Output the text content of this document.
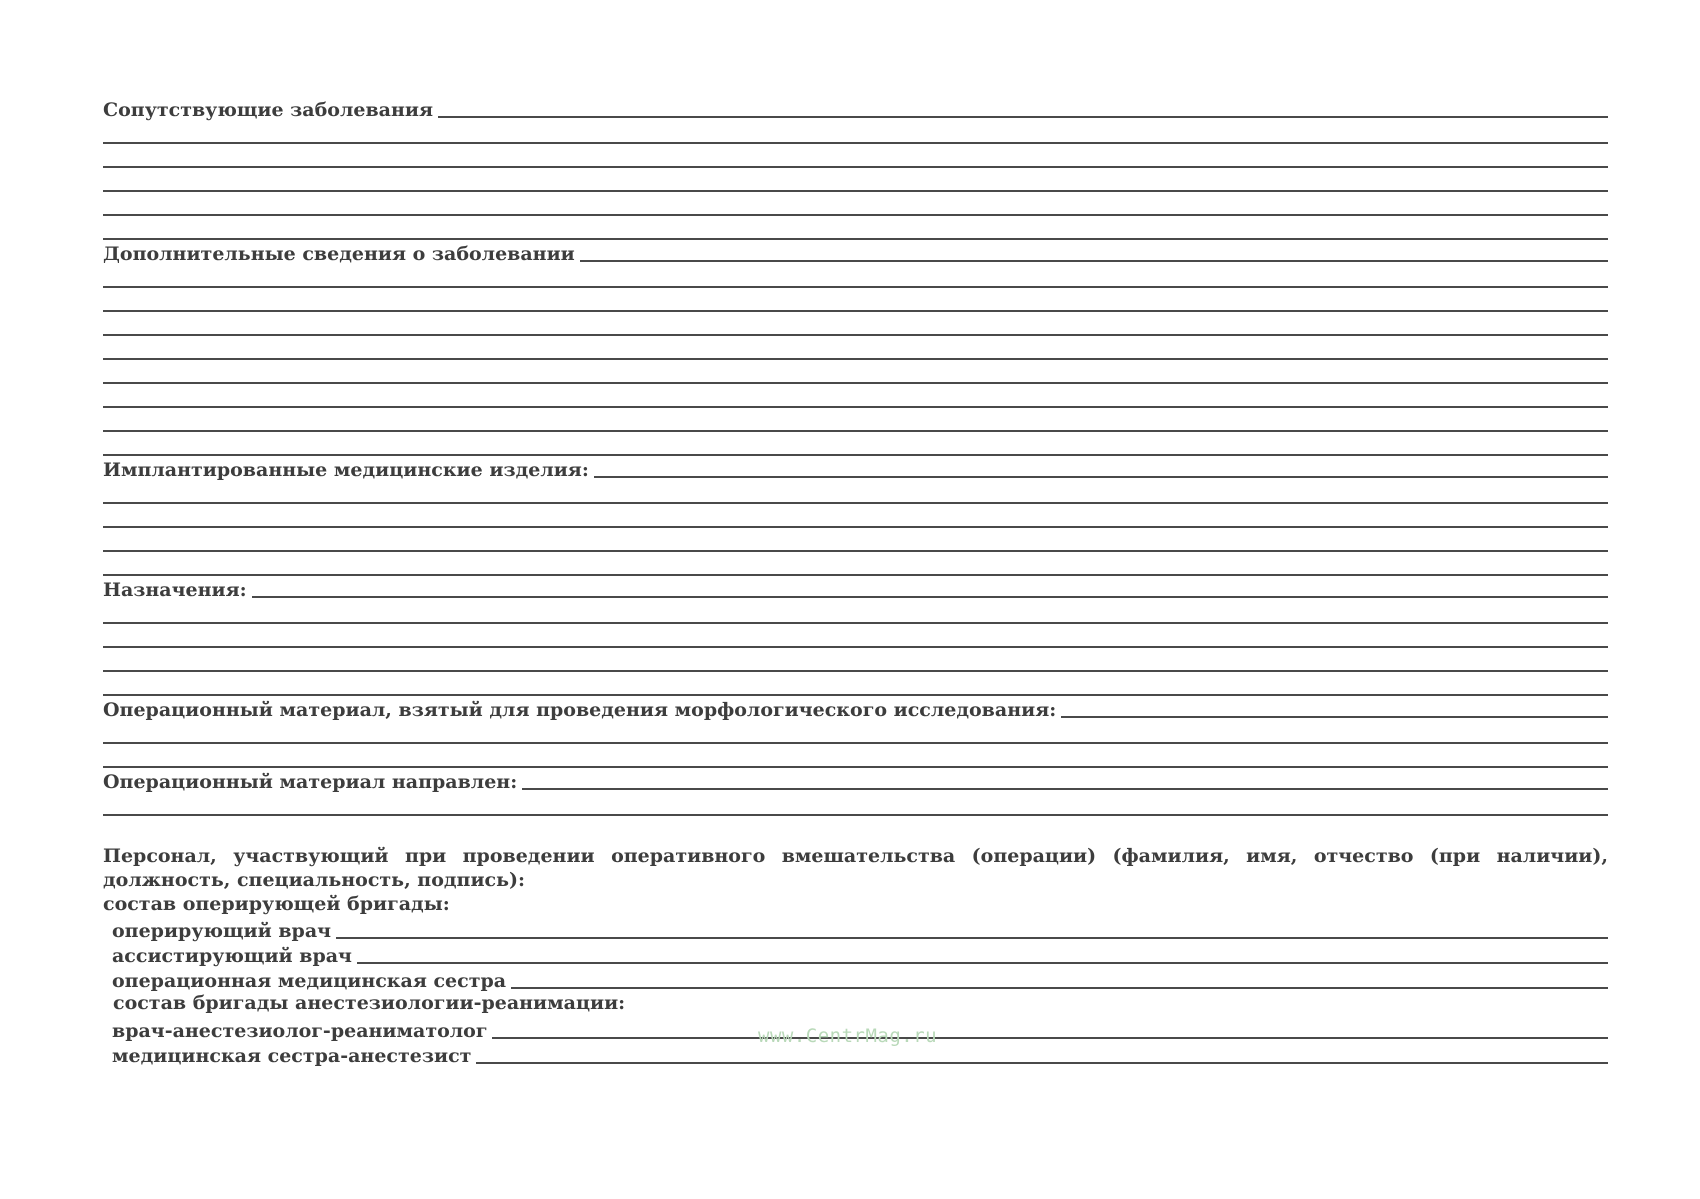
Сопутствующие заболевания
Дополнительные сведения о заболевании
Имплантированные медицинские изделия:
Назначения:
Операционный материал, взятый для проведения морфологического исследования:
Операционный материал направлен:
Персонал, участвующий при проведении оперативного вмешательства (операции) (фамилия, имя, отчество (при наличии), должность, специальность, подпись):
состав оперирующей бригады:
оперирующий врач
ассистирующий врач
операционная медицинская сестра
состав бригады анестезиологии-реанимации:
врач-анестезиолог-реаниматолог
медицинская сестра-анестезист
www.CentrMag.ru
